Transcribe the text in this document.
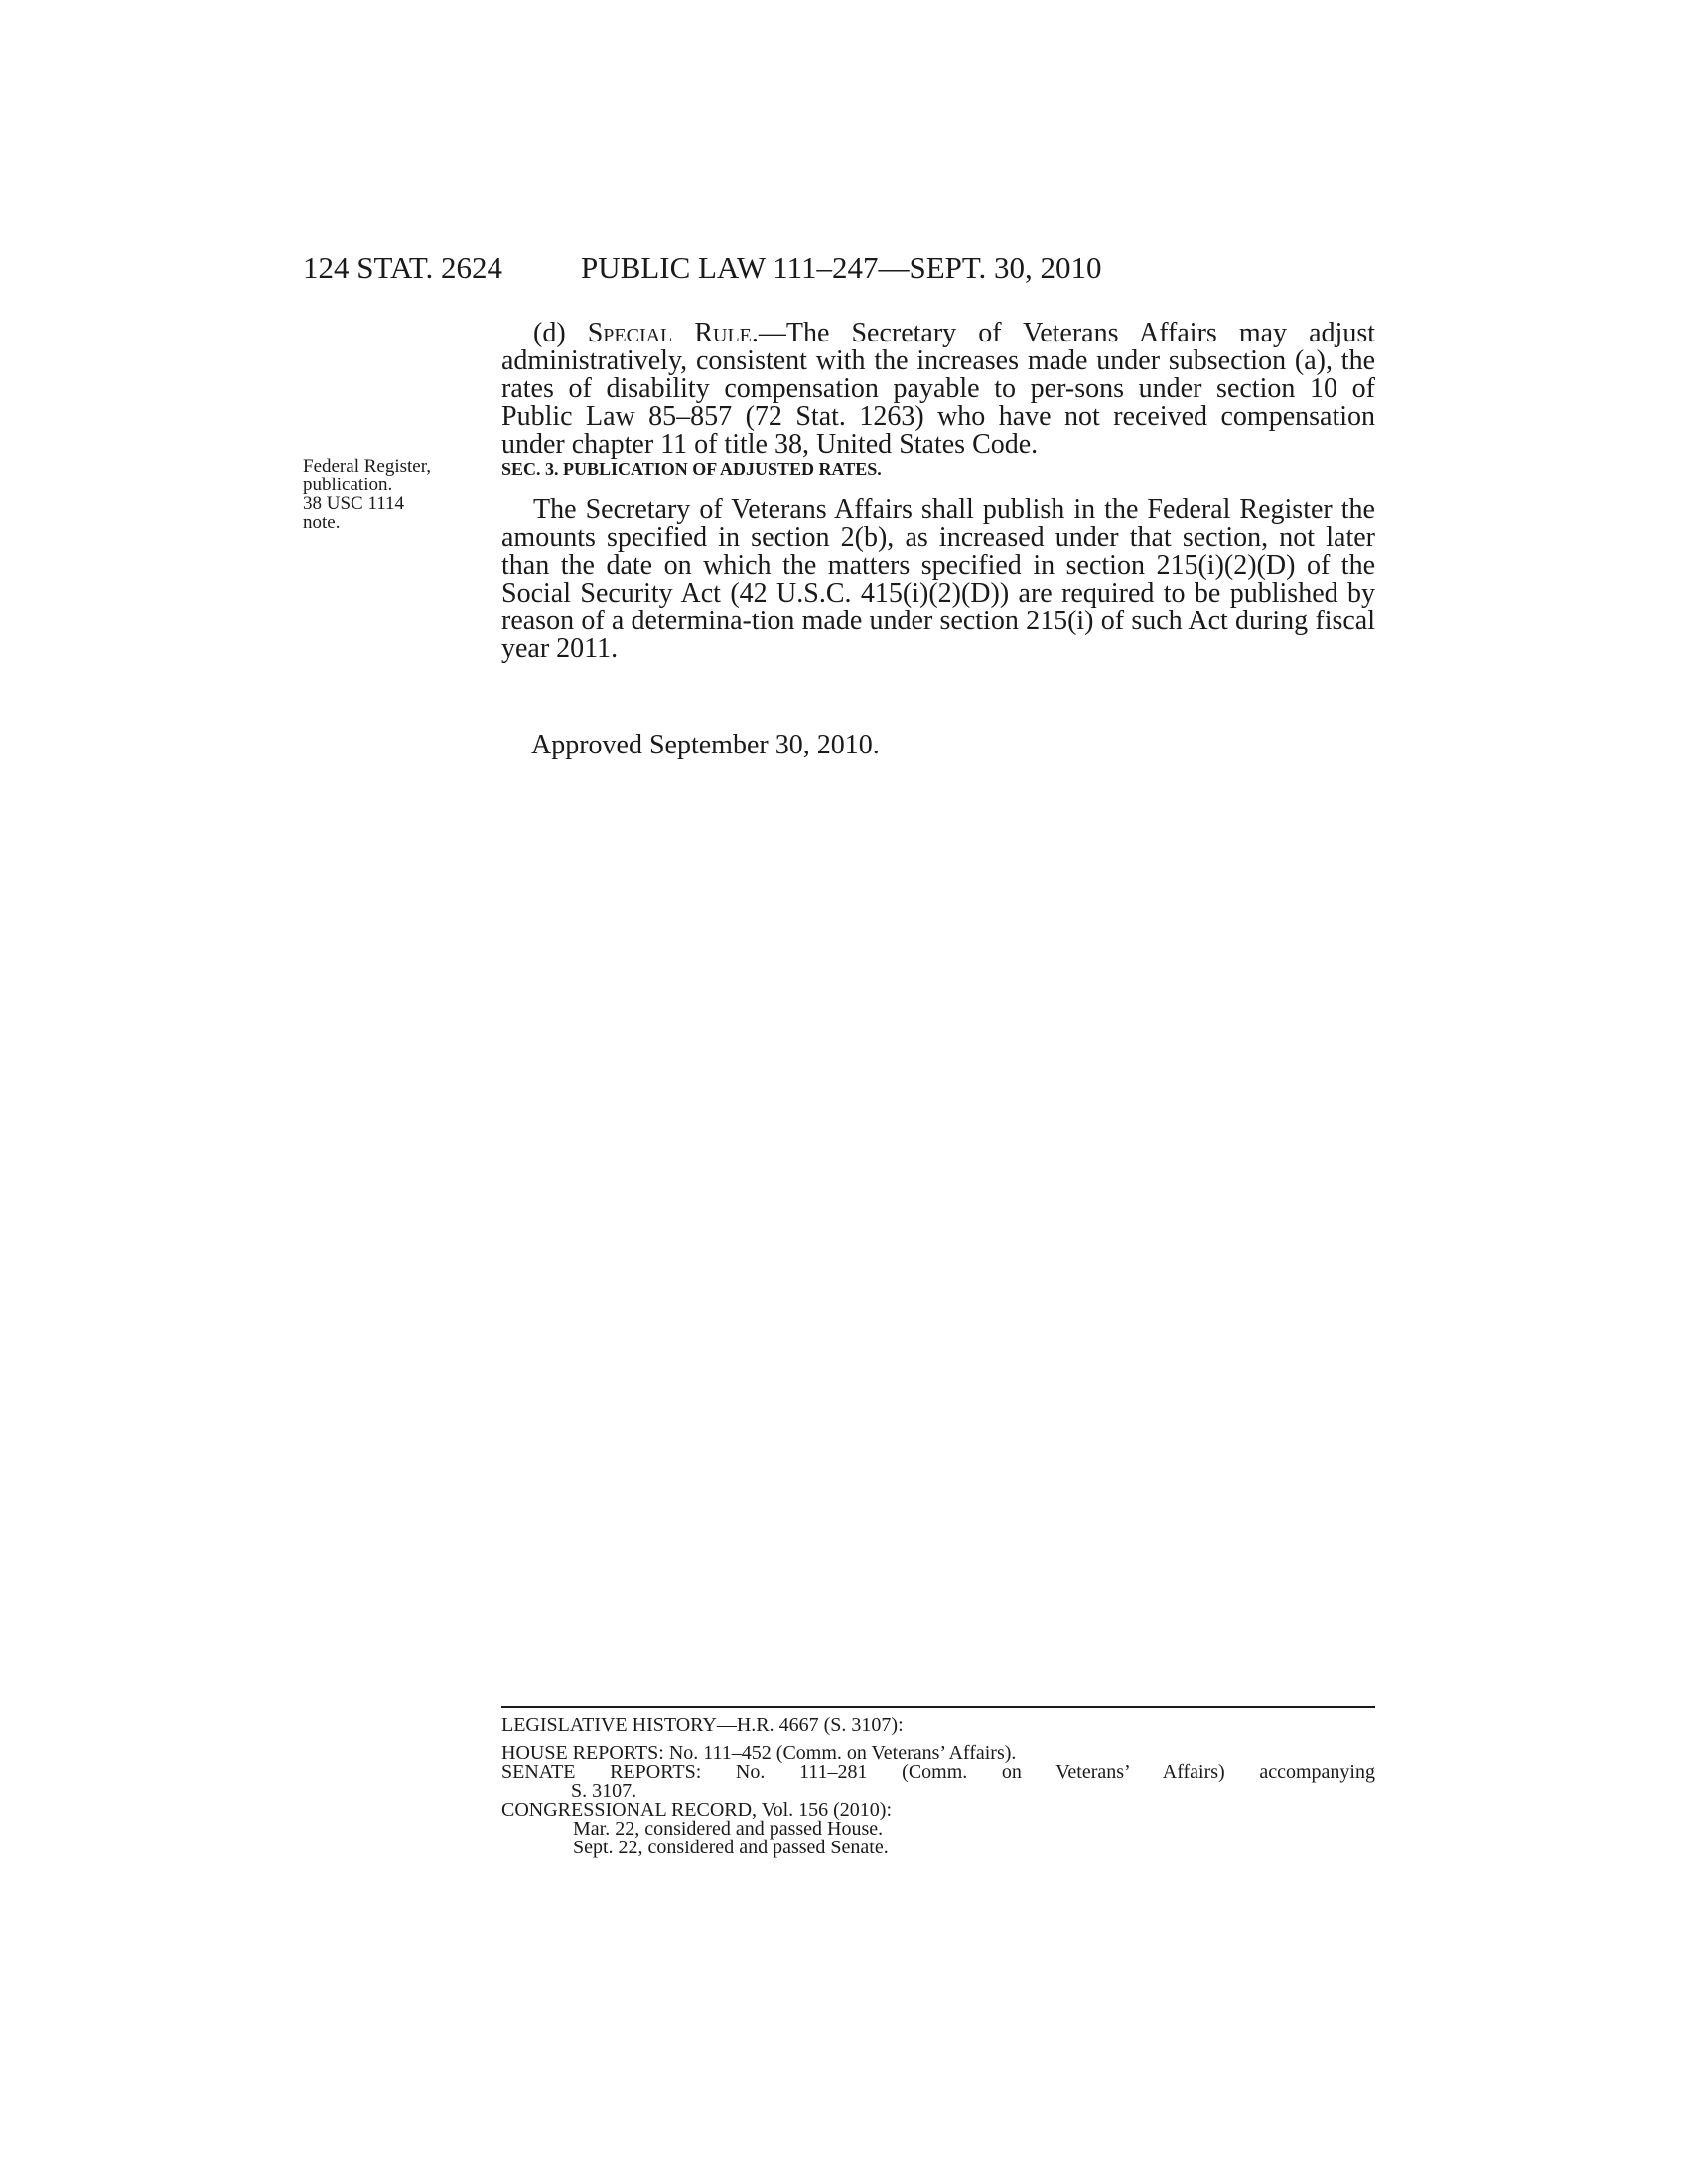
124 STAT. 2624	PUBLIC LAW 111–247—SEPT. 30, 2010
(d) Special Rule.—The Secretary of Veterans Affairs may adjust administratively, consistent with the increases made under subsection (a), the rates of disability compensation payable to per-sons under section 10 of Public Law 85–857 (72 Stat. 1263) who have not received compensation under chapter 11 of title 38, United States Code.
Federal Register,
publication.
38 USC 1114
note.
SEC. 3. PUBLICATION OF ADJUSTED RATES.
The Secretary of Veterans Affairs shall publish in the Federal Register the amounts specified in section 2(b), as increased under that section, not later than the date on which the matters specified in section 215(i)(2)(D) of the Social Security Act (42 U.S.C. 415(i)(2)(D)) are required to be published by reason of a determina-tion made under section 215(i) of such Act during fiscal year 2011.
Approved September 30, 2010.
LEGISLATIVE HISTORY—H.R. 4667 (S. 3107):
HOUSE REPORTS: No. 111–452 (Comm. on Veterans’ Affairs).
SENATE REPORTS: No. 111–281 (Comm. on Veterans’ Affairs) accompanying
S. 3107.
CONGRESSIONAL RECORD, Vol. 156 (2010):
Mar. 22, considered and passed House.
Sept. 22, considered and passed Senate.
